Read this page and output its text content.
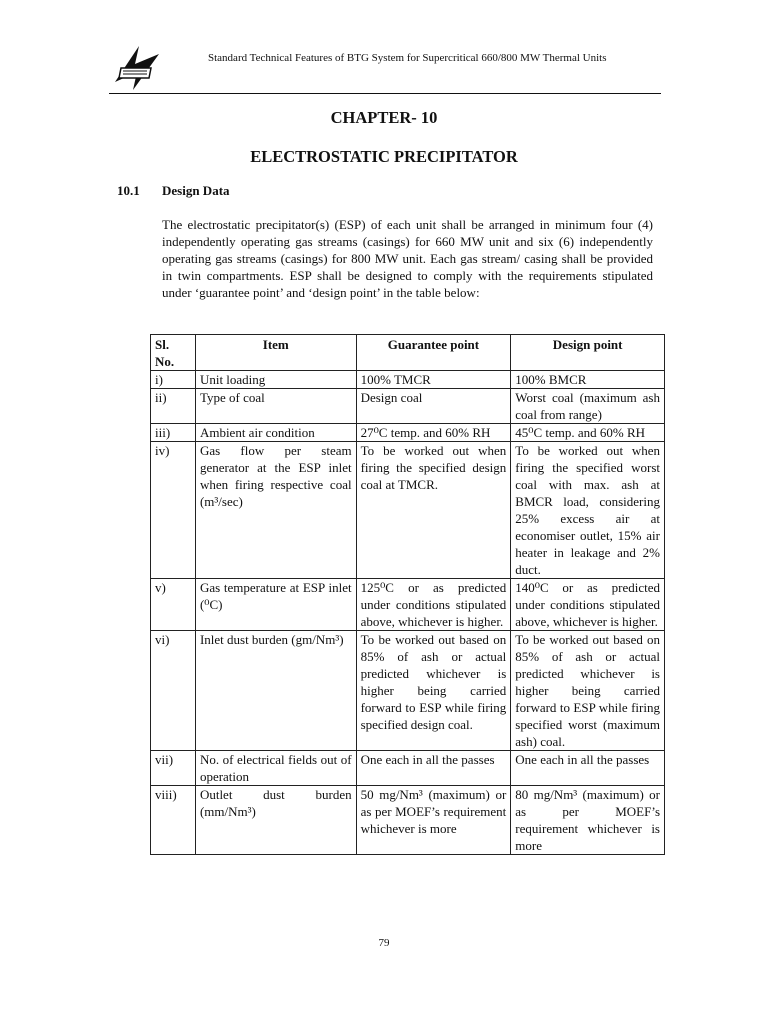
Standard Technical Features of BTG System for Supercritical 660/800 MW Thermal Units
CHAPTER- 10
ELECTROSTATIC PRECIPITATOR
10.1 Design Data
The electrostatic precipitator(s) (ESP) of each unit shall be arranged in minimum four (4) independently operating gas streams (casings) for 660 MW unit and six (6) independently operating gas streams (casings) for 800 MW unit. Each gas stream/ casing shall be provided in twin compartments. ESP shall be designed to comply with the requirements stipulated under ‘guarantee point’ and ‘design point’ in the table below:
Sl. No.	Item	Guarantee point	Design point
i)	Unit loading	100% TMCR	100% BMCR
ii)	Type of coal	Design coal	Worst coal (maximum ash coal from range)
iii)	Ambient air condition	27⁰C temp. and 60% RH	45⁰C temp. and 60% RH
iv)	Gas flow per steam generator at the ESP inlet when firing respective coal (m³/sec)	To be worked out when firing the specified design coal at TMCR.	To be worked out when firing the specified worst coal with max. ash at BMCR load, considering 25% excess air at economiser outlet, 15% air heater in leakage and 2% duct.
v)	Gas temperature at ESP inlet (⁰C)	125⁰C or as predicted under conditions stipulated above, whichever is higher.	140⁰C or as predicted under conditions stipulated above, whichever is higher.
vi)	Inlet dust burden (gm/Nm³)	To be worked out based on 85% of ash or actual predicted whichever is higher being carried forward to ESP while firing specified design coal.	To be worked out based on 85% of ash or actual predicted whichever is higher being carried forward to ESP while firing specified worst (maximum ash) coal.
vii)	No. of electrical fields out of operation	One each in all the passes	One each in all the passes
viii)	Outlet dust burden (mm/Nm³)	50 mg/Nm³ (maximum) or as per MOEF’s requirement whichever is more	80 mg/Nm³ (maximum) or as per MOEF’s requirement whichever is more
79
